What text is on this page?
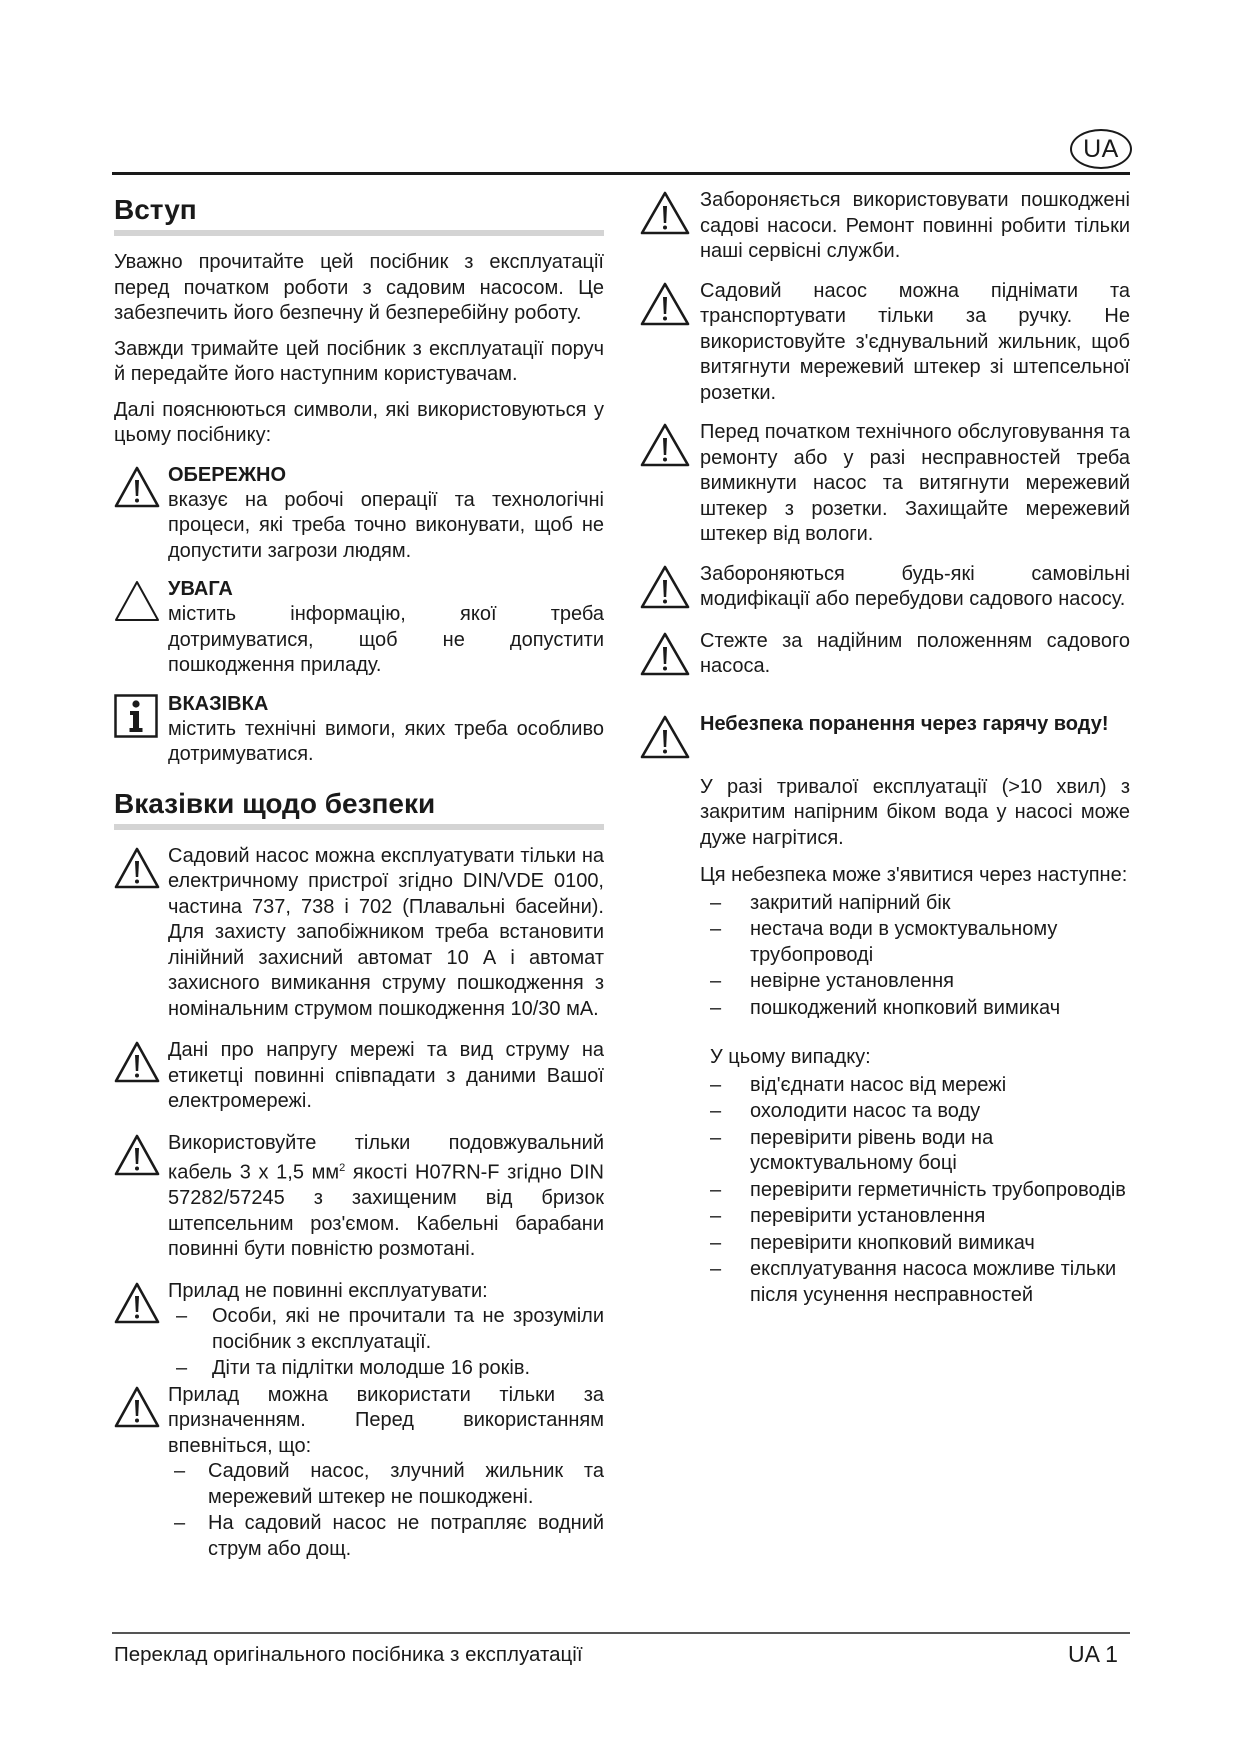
UA
Вступ

Уважно прочитайте цей посібник з експлуатації перед початком роботи з садовим насосом. Це забезпечить його безпечну й безперебійну роботу.

Завжди тримайте цей посібник з експлуатації поруч й передайте його наступним користувачам.

Далі пояснюються символи, які використовуються у цьому посібнику:

ОБЕРЕЖНО
вказує на робочі операції та технологічні процеси, які треба точно виконувати, щоб не допустити загрози людям.
УВАГА
містить інформацію, якої треба дотримуватися, щоб не допустити пошкодження приладу.
ВКАЗІВКА
містить технічні вимоги, яких треба особливо дотримуватися.
Вказівки щодо безпеки
Садовий насос можна експлуатувати тільки на електричному пристрої згідно DIN/VDE 0100, частина 737, 738 і 702 (Плавальні басейни). Для захисту запобіжником треба встановити лінійний захисний автомат 10 А і автомат захисного вимикання струму пошкодження з номінальним струмом пошкодження 10/30 мА.
Дані про напругу мережі та вид струму на етикетці повинні співпадати з даними Вашої електромережі.
Використовуйте тільки подовжувальний кабель 3 х 1,5 $мм^2$ якості H07RN-F згідно DIN 57282/57245 з захищеним від бризок штепсельним роз'ємом. Кабельні барабани повинні бути повністю розмотані.
Прилад не повинні експлуатувати:
– Особи, які не прочитали та не зрозуміли посібник з експлуатації.
– Діти та підлітки молодше 16 років.
Прилад можна використати тільки за призначенням. Перед використанням впевніться, що:
– Садовий насос, злучний жильник та мережевий штекер не пошкоджені.
– На садовий насос не потрапляє водний струм або дощ.
Забороняється використовувати пошкоджені садові насоси. Ремонт повинні робити тільки наші сервісні служби.
Садовий насос можна піднімати та транспортувати тільки за ручку. Не використовуйте з'єднувальний жильник, щоб витягнути мережевий штекер зі штепсельної розетки.
Перед початком технічного обслуговування та ремонту або у разі несправностей треба вимикнути насос та витягнути мережевий штекер з розетки. Захищайте мережевий штекер від вологи.
Забороняються будь-які самовільні модифікації або перебудови садового насосу.
Стежте за надійним положенням садового насоса.
Небезпека поранення через гарячу воду!

У разі тривалої експлуатації (>10 хвил) з закритим напірним біком вода у насосі може дуже нагрітися.

Ця небезпека може з'явитися через наступне:

– закритий напірний бік
– нестача води в усмоктувальному трубопроводі
– невірне установлення
– пошкоджений кнопковий вимикач
У цьому випадку:
– від'єднати насос від мережі
– охолодити насос та воду
– перевірити рівень води на усмоктувальному боці
– перевірити герметичність трубопроводів
– перевірити установлення
– перевірити кнопковий вимикач
– експлуатування насоса можливе тільки після усунення несправностей
Переклад оригінального посібника з експлуатації	UA 1
